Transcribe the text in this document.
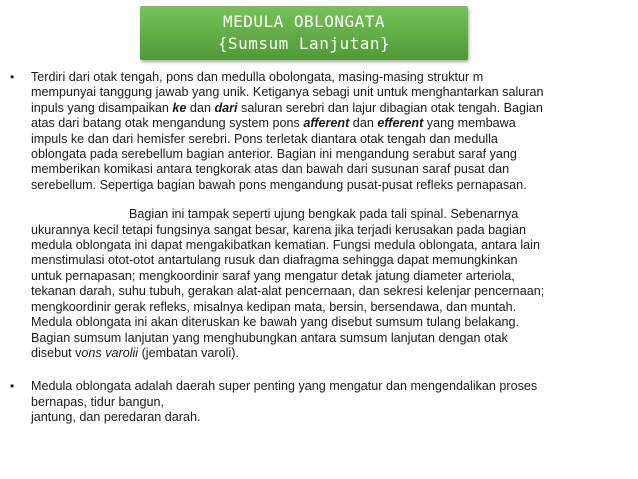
MEDULA OBLONGATA
{Sumsum Lanjutan}
• Terdiri dari otak tengah, pons dan medulla obolongata, masing-masing struktur m

mempunyai tanggung jawab yang unik. Ketiganya sebagi unit untuk menghantarkan saluran

inpuls yang disampaikan ke dan dari saluran serebri dan lajur dibagian otak tengah. Bagian

atas dari batang otak mengandung system pons afferent dan efferent yang membawa

impuls ke dan dari hemisfer serebri. Pons terletak diantara otak tengah dan medulla

oblongata pada serebellum bagian anterior. Bagian ini mengandung serabut saraf yang

memberikan komikasi antara tengkorak atas dan bawah dari susunan saraf pusat dan

serebellum. Sepertiga bagian bawah pons mengandung pusat-pusat refleks pernapasan.

Bagian ini tampak seperti ujung bengkak pada tali spinal. Sebenarnya

ukurannya kecil tetapi fungsinya sangat besar, karena jika terjadi kerusakan pada bagian

medula oblongata ini dapat mengakibatkan kematian. Fungsi medula oblongata, antara lain

menstimulasi otot-otot antartulang rusuk dan diafragma sehingga dapat memungkinkan

untuk pernapasan; mengkoordinir saraf yang mengatur detak jatung diameter arteriola,

tekanan darah, suhu tubuh, gerakan alat-alat pencernaan, dan sekresi kelenjar pencernaan;

mengkoordinir gerak refleks, misalnya kedipan mata, bersin, bersendawa, dan muntah.

Medula oblongata ini akan diteruskan ke bawah yang disebut sumsum tulang belakang.

Bagian sumsum lanjutan yang menghubungkan antara sumsum lanjutan dengan otak

disebut vons varolii (jembatan varoli).

• Medula oblongata adalah daerah super penting yang mengatur dan mengendalikan proses

bernapas, tidur bangun,

jantung, dan peredaran darah.
